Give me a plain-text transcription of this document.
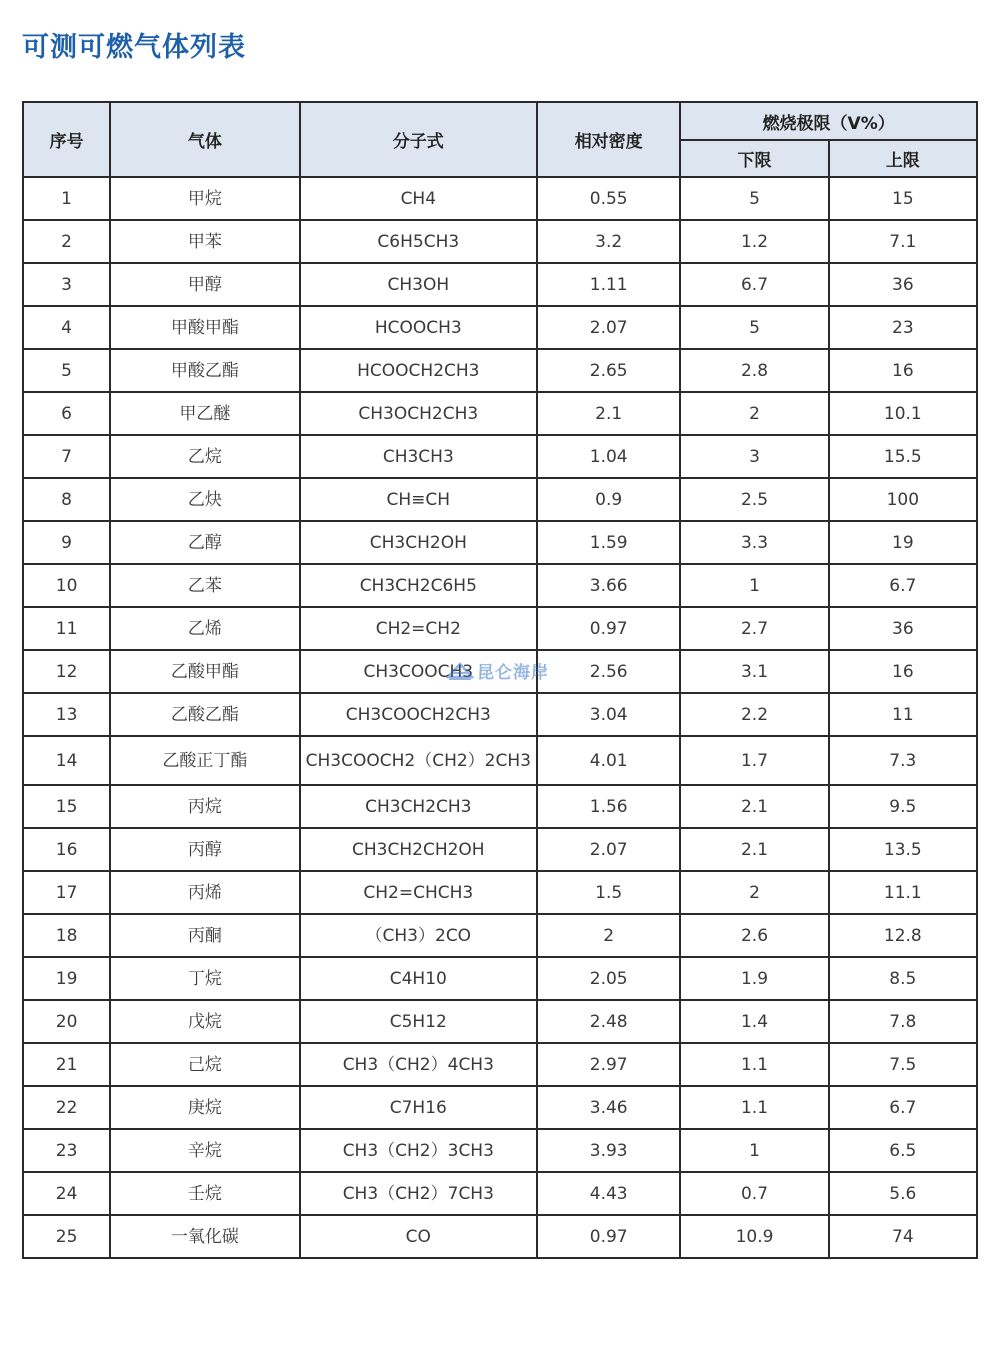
可测可燃气体列表
序号	气体	分子式	相对密度	燃烧极限（V%）	
				下限	上限
1	甲烷	CH4	0.55	5	15
2	甲苯	C6H5CH3	3.2	1.2	7.1
3	甲醇	CH3OH	1.11	6.7	36
4	甲酸甲酯	HCOOCH3	2.07	5	23
5	甲酸乙酯	HCOOCH2CH3	2.65	2.8	16
6	甲乙醚	CH3OCH2CH3	2.1	2	10.1
7	乙烷	CH3CH3	1.04	3	15.5
8	乙炔	CH≡CH	0.9	2.5	100
9	乙醇	CH3CH2OH	1.59	3.3	19
10	乙苯	CH3CH2C6H5	3.66	1	6.7
11	乙烯	CH2=CH2	0.97	2.7	36
12	乙酸甲酯	CH3COOCH3	2.56	3.1	16
13	乙酸乙酯	CH3COOCH2CH3	3.04	2.2	11
14	乙酸正丁酯	CH3COOCH2（CH2）2CH3	4.01	1.7	7.3
15	丙烷	CH3CH2CH3	1.56	2.1	9.5
16	丙醇	CH3CH2CH2OH	2.07	2.1	13.5
17	丙烯	CH2=CHCH3	1.5	2	11.1
18	丙酮	（CH3）2CO	2	2.6	12.8
19	丁烷	C4H10	2.05	1.9	8.5
20	戊烷	C5H12	2.48	1.4	7.8
21	己烷	CH3（CH2）4CH3	2.97	1.1	7.5
22	庚烷	C7H16	3.46	1.1	6.7
23	辛烷	CH3（CH2）3CH3	3.93	1	6.5
24	壬烷	CH3（CH2）7CH3	4.43	0.7	5.6
25	一氧化碳	CO	0.97	10.9	74
昆仑海岸
